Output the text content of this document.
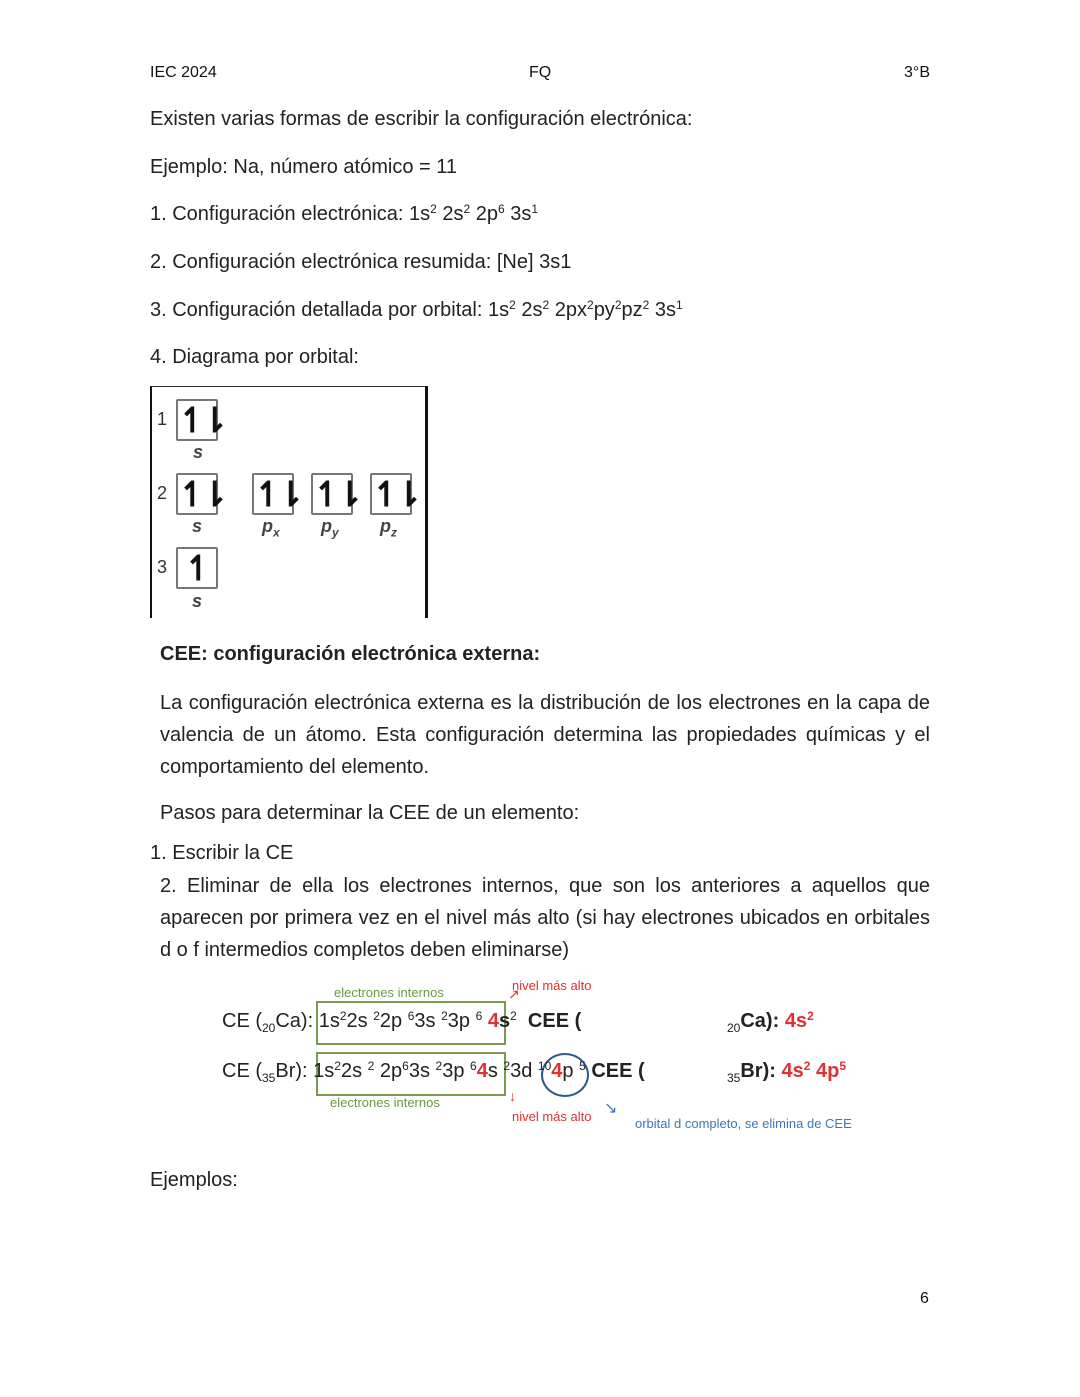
IEC 2024	FQ	3°B
Existen varias formas de escribir la configuración electrónica:
Ejemplo: Na, número atómico = 11
1. Configuración electrónica: $1s^2$ $2s^2$ $2p^6$ $3s^1$
2. Configuración electrónica resumida: [Ne] 3s1
3. Configuración detallada por orbital: $1s^2$ $2s^2$ $2px^2py^2pz^2$ $3s^1$
4. Diagrama por orbital:
1 ↿⇂
s
2 ↿⇂
s
↿⇂
$p_x$
↿⇂
$p_y$
↿⇂
$p_z$
3 ↿
s
CEE: configuración electrónica externa:
La configuración electrónica externa es la distribución de los electrones en la capa de valencia de un átomo. Esta configuración determina las propiedades químicas y el comportamiento del elemento.
Pasos para determinar la CEE de un elemento:
1. Escribir la CE
2. Eliminar de ella los electrones internos, que son los anteriores a aquellos que aparecen por primera vez en el nivel más alto (si hay electrones ubicados en orbitales d o f intermedios completos deben eliminarse)
electrones internos	nivel más alto
↗
CE $(_{20}Ca)$: $1s^22s$ $^2$2p $^6$3s $^2$3p $^6$ $4s^2$ CEE (	$_{20}$Ca): $4s^2$
CE $(_{35}Br)$: $1s^22s$ $^2$ $2p^63s$ $^2$3p $^6$4s $^2$3d $^{10}$4p $^5$ CEE (	$_{35}$Br): $4s^2$ $4p^5$
electrones internos	↓
nivel más alto ↘
orbital d completo, se elimina de CEE
Ejemplos:
6
